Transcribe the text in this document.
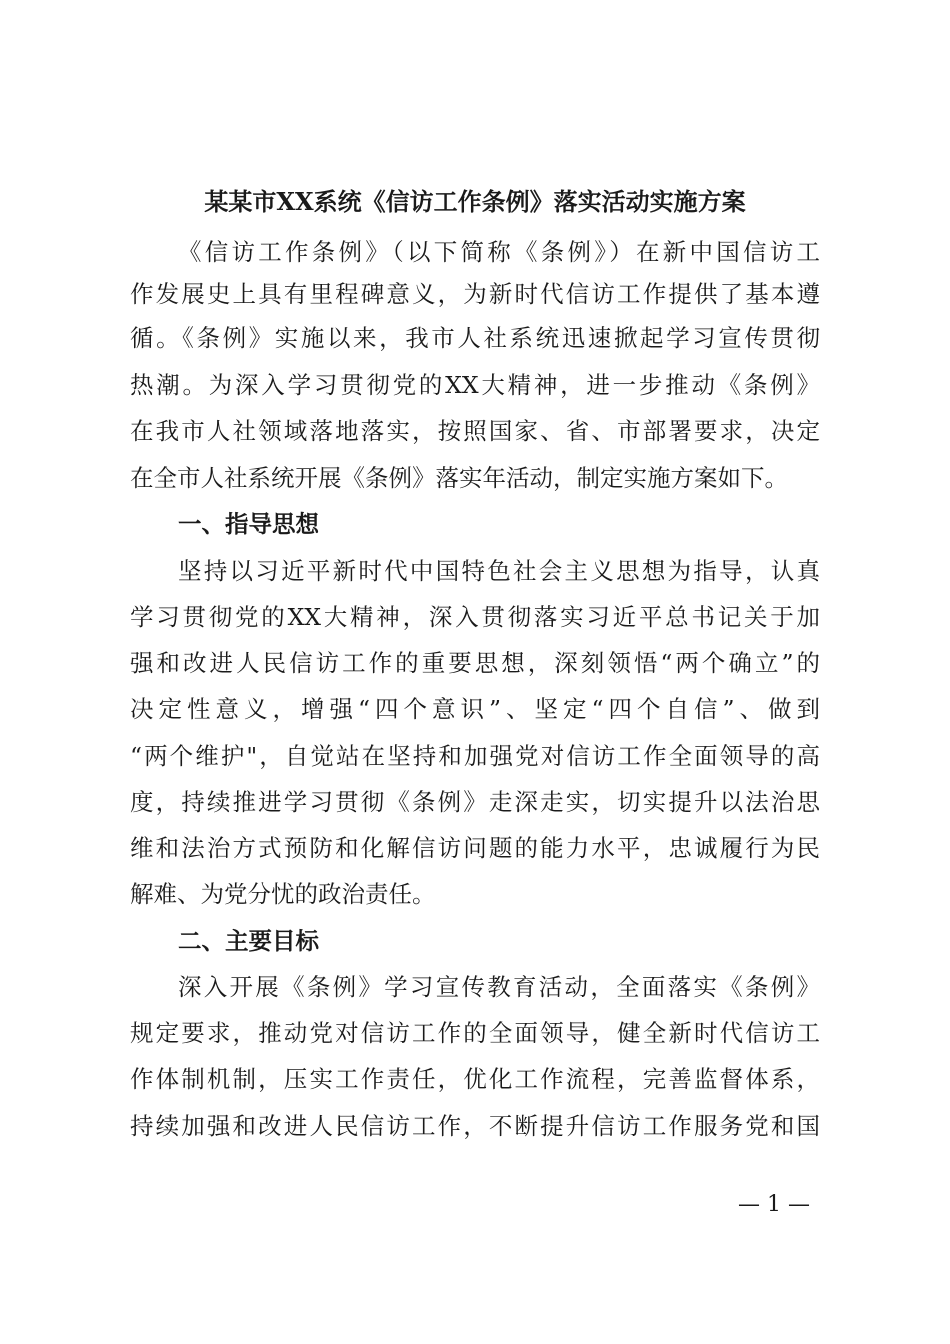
某某市XX系统《信访工作条例》落实活动实施方案
《信访工作条例》（以下简称《条例》）在新中国信访工
作发展史上具有里程碑意义，为新时代信访工作提供了基本遵
循。《条例》实施以来，我市人社系统迅速掀起学习宣传贯彻
热潮。为深入学习贯彻党的XX大精神，进一步推动《条例》
在我市人社领域落地落实，按照国家、省、市部署要求，决定
在全市人社系统开展《条例》落实年活动，制定实施方案如下。
一、指导思想
坚持以习近平新时代中国特色社会主义思想为指导，认真
学习贯彻党的XX大精神，深入贯彻落实习近平总书记关于加
强和改进人民信访工作的重要思想，深刻领悟“两个确立”的
决定性意义，增强“四个意识”、坚定“四个自信”、做到
“两个维护"，自觉站在坚持和加强党对信访工作全面领导的高
度，持续推进学习贯彻《条例》走深走实，切实提升以法治思
维和法治方式预防和化解信访问题的能力水平，忠诚履行为民
解难、为党分忧的政治责任。
二、主要目标
深入开展《条例》学习宣传教育活动，全面落实《条例》
规定要求，推动党对信访工作的全面领导，健全新时代信访工
作体制机制，压实工作责任，优化工作流程，完善监督体系，
持续加强和改进人民信访工作，不断提升信访工作服务党和国
— 1 —
